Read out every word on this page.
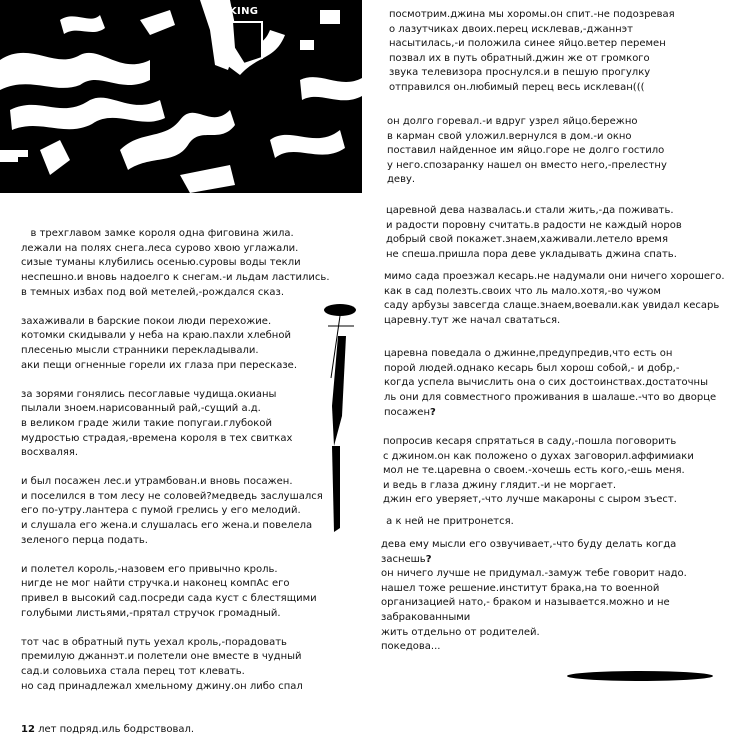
KING

в трехглавом замке короля одна фиговина жила.
лежали на полях снега.леса сурово хвою углажали.
сизые туманы клубились осенью.суровы воды текли
неспешно.и вновь надоелго к снегам.-и льдам ластились.
в темных избах под вой метелей,-рождался сказ.
захаживали в барские покои люди перехожие.
котомки скидывали у неба на краю.пахли хлебной
плесенью мысли странники перекладывали.
аки пещи огненные горели их глаза при пересказе.
за зорями гонялись песоглавые чудища.окианы
пылали зноем.нарисованный рай,-сущий а.д.
в великом граде жили такие попугаи.глубокой
мудростью страдая,-времена короля в тех свитках
восхваляя.
и был посажен лес.и утрамбован.и вновь посажен.
и поселился в том лесу не соловей?медведь заслушался
его по-утру.лантера с пумой грелись у его мелодий.
и слушала его жена.и слушалась его жена.и повелела
зеленого перца подать.
и полетел король,-назовем его привычно кроль.
нигде не мог найти стручка.и наконец компАс его
привел в высокий сад.посреди сада куст с блестящими
голубыми листьями,-прятал стручок громадный.
тот час в обратный путь уехал кроль,-порадовать
премилую джаннэт.и полетели оне вместе в чудный
сад.и соловьиха стала перец тот клевать.
но сад принадлежал хмельному джину.он либо спал

12 лет подряд.иль бодрствовал.

посмотрим.джина мы хоромы.он спит.-не подозревая
о лазутчиках двоих.перец исклевав,-джаннэт
насытилась,-и положила синее яйцо.ветер перемен
позвал их в путь обратный.джин же от громкого
звука телевизора проснулся.и в пешую прогулку
отправился он.любимый перец весь исклеван(((
он долго горевал.-и вдруг узрел яйцо.бережно
в карман свой уложил.вернулся в дом.-и окно
поставил найденное им яйцо.горе не долго гостило
у него.спозаранку нашел он вместо него,-прелестну
деву.
царевной дева назвалась.и стали жить,-да поживать.
и радости поровну считать.в радости не каждый норов
добрый свой покажет.знаем,хаживали.летело время
не спеша.пришла пора деве укладывать джина спать.
мимо сада проезжал кесарь.не надумали они ничего хорошего.
как в сад полезть.своих что ль мало.хотя,-во чужом
саду арбузы завсегда слаще.знаем,воевали.как увидал кесарь
царевну.тут же начал свататься.
царевна поведала о джинне,предупредив,что есть он
порой людей.однако кесарь был хорош собой,- и добр,-
когда успела вычислить она о сих достоинствах.достаточны
ль они для совместного проживания в шалаше.-что во дворце
посажен?
попросив кесаря спрятаться в саду,-пошла поговорить
с джином.он как положено о духах заговорил.аффимиаки
мол не те.царевна о своем.-хочешь есть кого,-ешь меня.
и ведь в глаза джину глядит.-и не моргает.
джин его уверяет,-что лучше макароны с сыром зъест.
а к ней не притронется.
дева ему мысли его озвучивает,-что буду делать когда
заснешь?
он ничего лучше не придумал.-замуж тебе говорит надо.
нашел тоже решение.институт брака,на то военной
организацией нато,- браком и называется.можно и не
забракованными
жить отдельно от родителей.
покедова...
